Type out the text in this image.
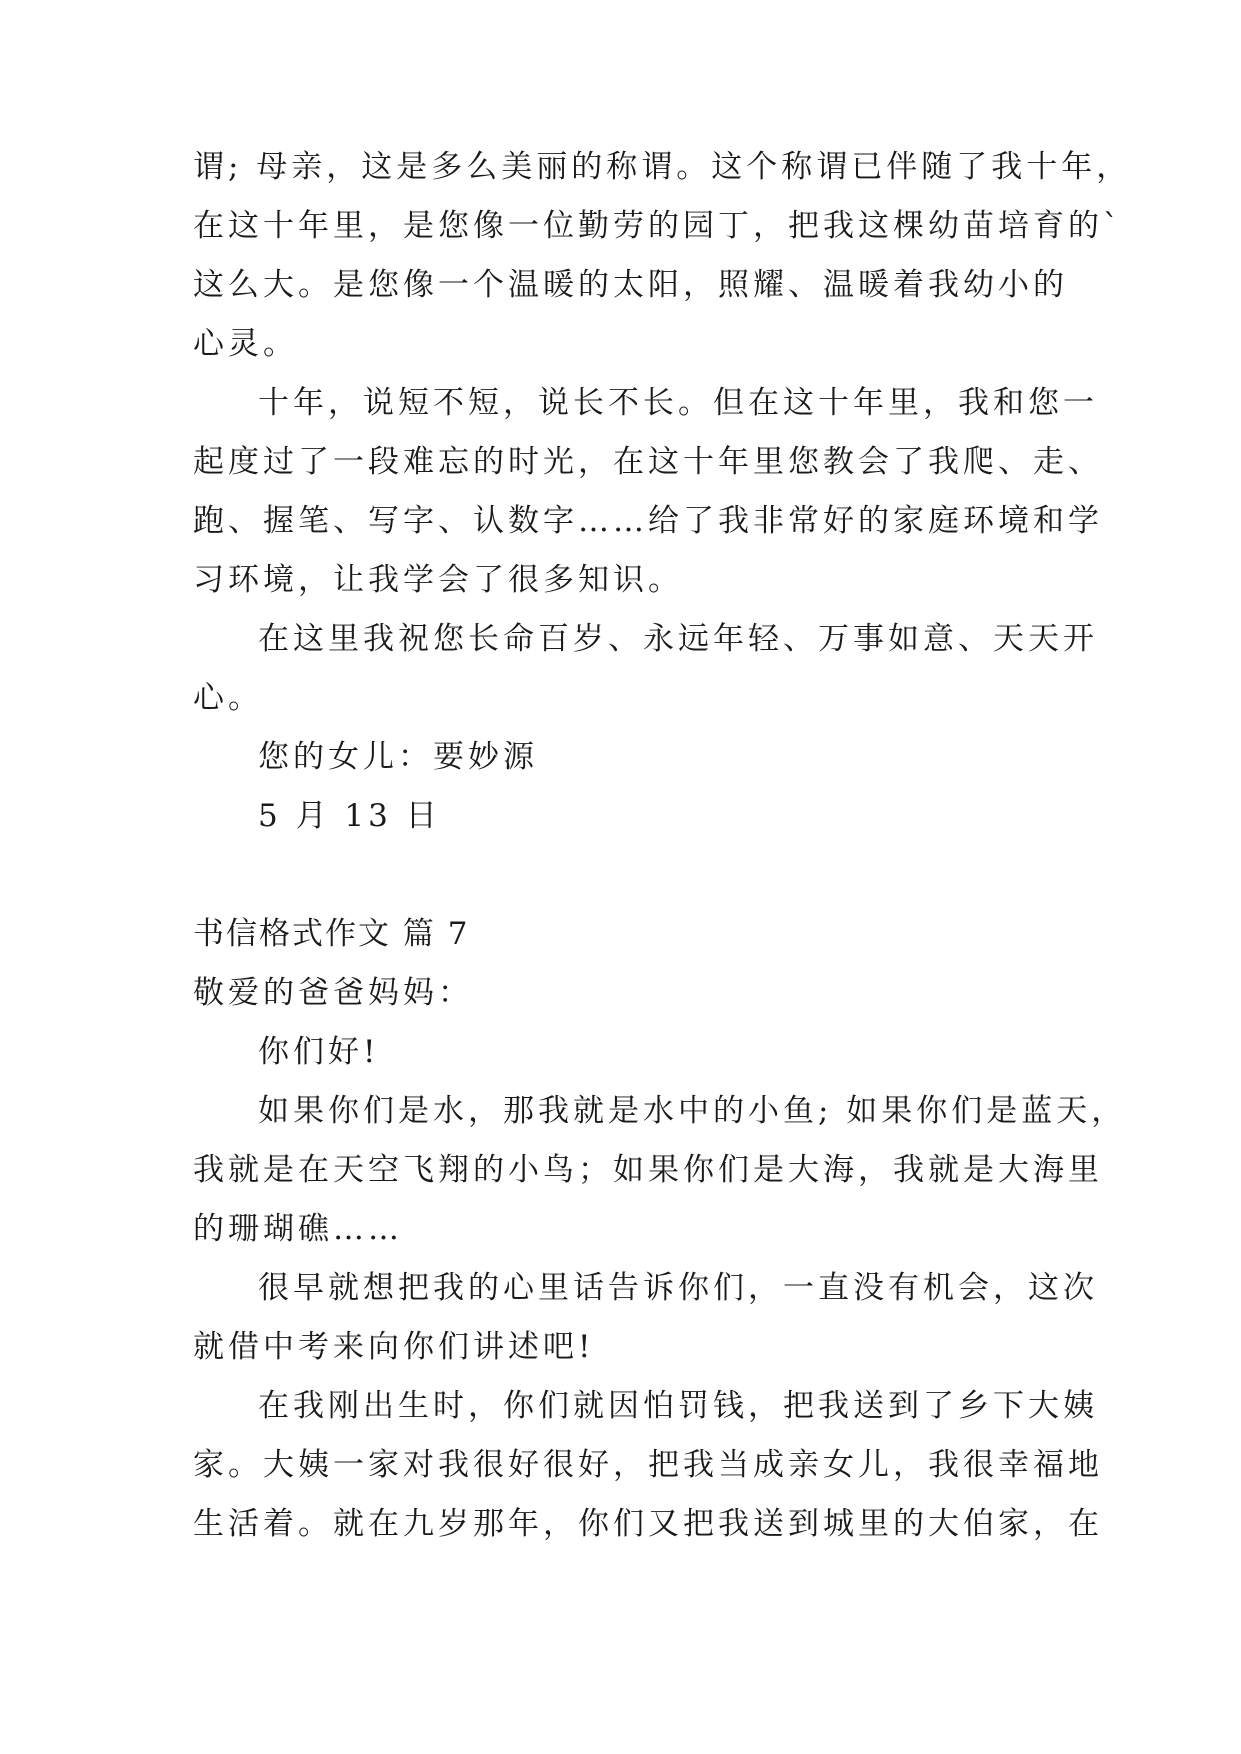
谓; 母亲，这是多么美丽的称谓。这个称谓已伴随了我十年，
在这十年里，是您像一位勤劳的园丁，把我这棵幼苗培育的`
这么大。是您像一个温暖的太阳，照耀、温暖着我幼小的
心灵。
十年，说短不短，说长不长。但在这十年里，我和您一
起度过了一段难忘的时光，在这十年里您教会了我爬、走、
跑、握笔、写字、认数字……给了我非常好的家庭环境和学
习环境，让我学会了很多知识。
在这里我祝您长命百岁、永远年轻、万事如意、天天开
心。
您的女儿：要妙源
5 月 13 日
书信格式作文 篇 7
敬爱的爸爸妈妈：
你们好!
如果你们是水，那我就是水中的小鱼; 如果你们是蓝天，
我就是在天空飞翔的小鸟；如果你们是大海，我就是大海里
的珊瑚礁……
很早就想把我的心里话告诉你们，一直没有机会，这次
就借中考来向你们讲述吧!
在我刚出生时，你们就因怕罚钱，把我送到了乡下大姨
家。大姨一家对我很好很好，把我当成亲女儿，我很幸福地
生活着。就在九岁那年，你们又把我送到城里的大伯家，在
